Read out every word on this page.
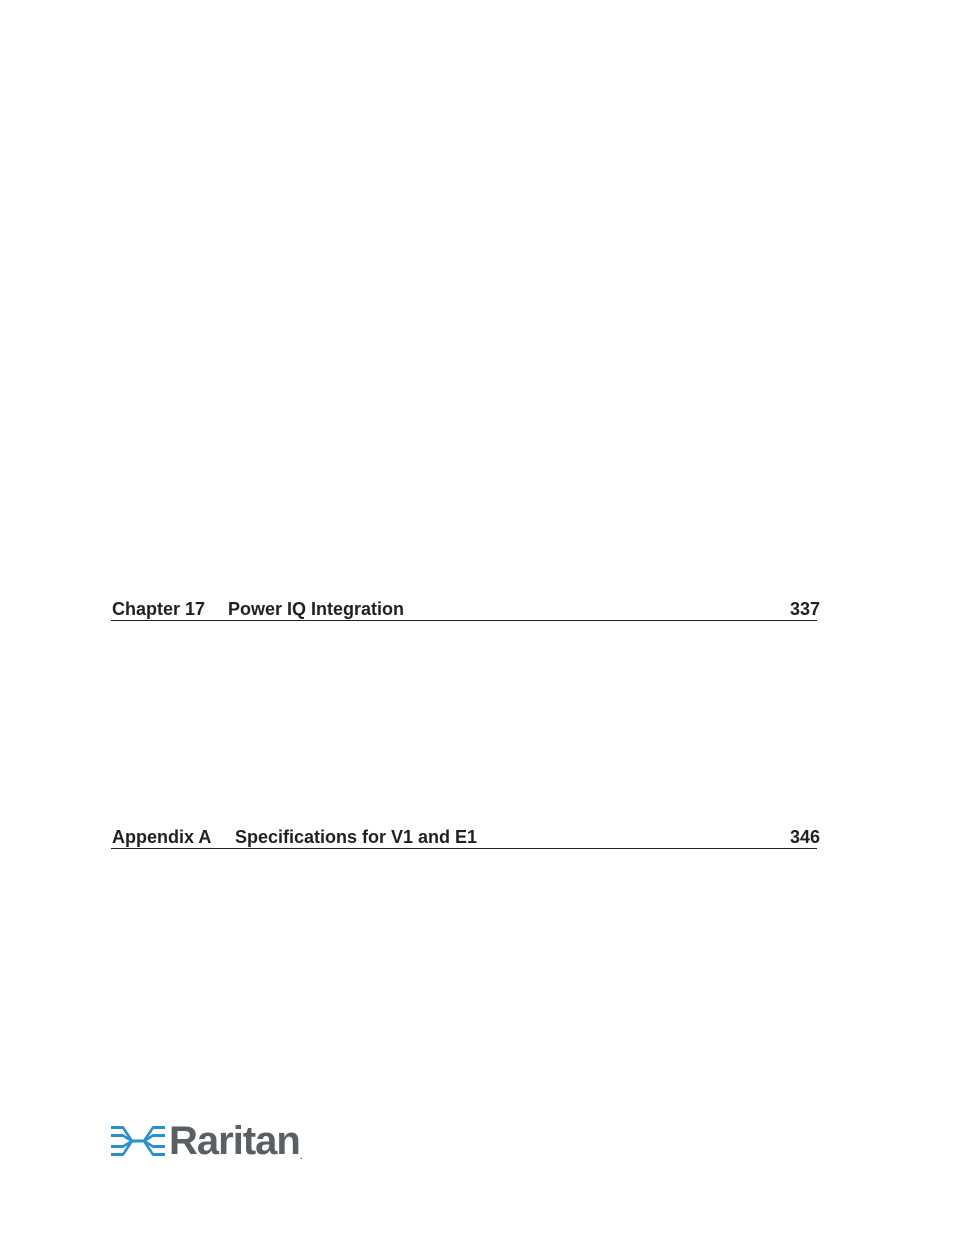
Chapter 17 Power IQ Integration	337
Appendix A Specifications for V1 and E1	346
Raritan.
